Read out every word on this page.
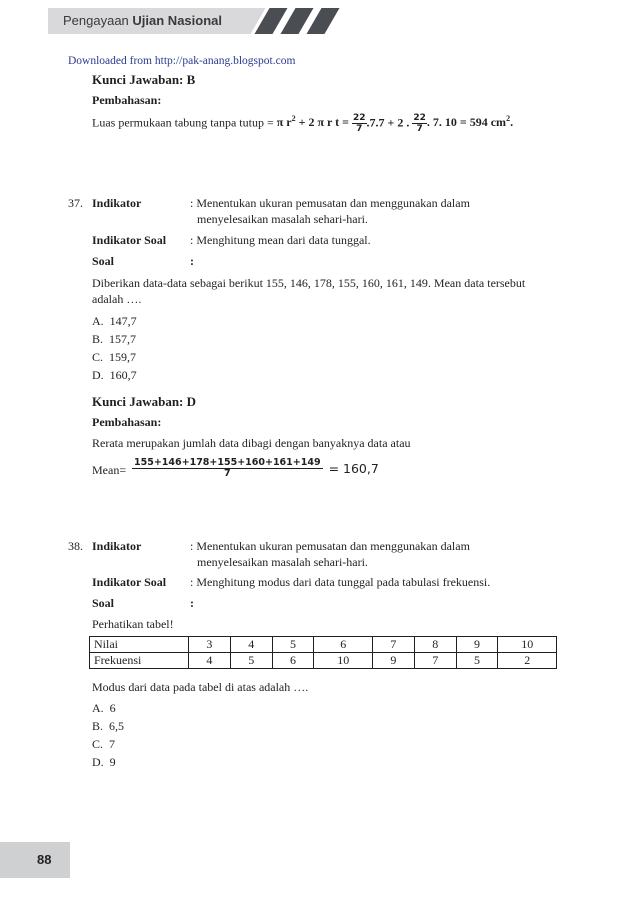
Pengayaan Ujian Nasional
Downloaded from http://pak-anang.blogspot.com
Kunci Jawaban: B
Pembahasan:
Luas permukaan tabung tanpa tutup = π $r^2 + 2$ π r $t = \frac{22}{7} .7.7 + 2$ . $\frac{22}{7}$ . 7. 10 = 594 $cm^2$.
37. Indikator	: Menentukan ukuran pemusatan dan menggunakan dalam
menyelesaikan masalah sehari-hari.
Indikator Soal : Menghitung mean dari data tunggal.
Soal	:
Diberikan data-data sebagai berikut 155, 146, 178, 155, 160, 161, 149. Mean data tersebut
adalah ….
A. 147,7
B. 157,7
C. 159,7
D. 160,7
Kunci Jawaban: D
Pembahasan:
Rerata merupakan jumlah data dibagi dengan banyaknya data atau
Mean= $\frac{155+146+178+155+160+161+149}{7} = 160,7$
38. Indikator	: Menentukan ukuran pemusatan dan menggunakan dalam
menyelesaikan masalah sehari-hari.
Indikator Soal : Menghitung modus dari data tunggal pada tabulasi frekuensi.
Soal	:
Perhatikan tabel!
Nilai	3	4	5	6	7	8	9	10
Frekuensi	4	5	6	10	9	7	5	2
Modus dari data pada tabel di atas adalah ….
A. 6
B. 6,5
C. 7
D. 9
88
